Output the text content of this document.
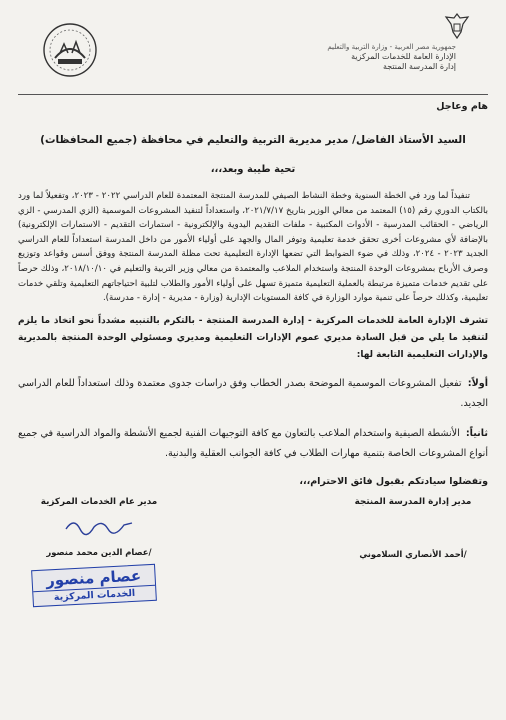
جمهورية مصر العربية - وزارة التربية والتعليم
الإدارة العامة للخدمات المركزية
إدارة المدرسة المنتجة
هام وعاجل
السيد الأستاذ الفاضل/ مدير مديرية التربية والتعليم في محافظة (جميع المحافظات)
تحية طيبة وبعد،،،
تنفيذاً لما ورد في الخطة السنوية وخطة النشاط الصيفي للمدرسة المنتجة المعتمدة للعام الدراسي ٢٠٢٢ - ٢٠٢٣، وتفعيلاً لما ورد بالكتاب الدوري رقم (١٥) المعتمد من معالي الوزير بتاريخ ٢٠٢١/٧/١٧، واستعداداً لتنفيذ المشروعات الموسمية (الزي المدرسي - الزي الرياضي - الحقائب المدرسية - الأدوات المكتبية - ملفات التقديم اليدوية والإلكترونية - استمارات التقديم - الاستمارات الإلكترونية) بالإضافة لأي مشروعات أخرى تحقق خدمة تعليمية وتوفر المال والجهد على أولياء الأمور من داخل المدرسة استعداداً للعام الدراسي الجديد ٢٠٢٣ - ٢٠٢٤، وذلك في ضوء الضوابط التي تضعها الإدارة التعليمية تحت مظلة المدرسة المنتجة ووفق أسس وقواعد وتوزيع وصرف الأرباح بمشروعات الوحدة المنتجة واستخدام الملاعب والمعتمدة من معالي وزير التربية والتعليم في ٢٠١٨/١٠/١٠، وذلك حرصاً على تقديم خدمات متميزة مرتبطة بالعملية التعليمية متميزة تسهل على أولياء الأمور والطلاب لتلبية احتياجاتهم التعليمية وتلقي خدمات تعليمية، وكذلك حرصاً على تنمية موارد الوزارة في كافة المستويات الإدارية (وزارة - مديرية - إدارة - مدرسة).
تشرف الإدارة العامة للخدمات المركزية - إدارة المدرسة المنتجة - بالتكرم بالتنبيه مشدداً نحو اتخاذ ما يلزم لتنفيذ ما يلي من قبل السادة مديري عموم الإدارات التعليمية ومديري ومسئولي الوحدة المنتجة بالمديرية والإدارات التعليمية التابعة لها:
أولاً: تفعيل المشروعات الموسمية الموضحة بصدر الخطاب وفق دراسات جدوى معتمدة وذلك استعداداً للعام الدراسي الجديد.
ثانياً: الأنشطة الصيفية واستخدام الملاعب بالتعاون مع كافة التوجيهات الفنية لجميع الأنشطة والمواد الدراسية في جميع أنواع المشروعات الخاصة بتنمية مهارات الطلاب في كافة الجوانب العقلية والبدنية.
وتفضلوا سيادتكم بقبول فائق الاحترام،،،
مدير إدارة المدرسة المنتجة
/أحمد الأنصاري السلاموني
مدير عام الخدمات المركزية
/عصام الدين محمد منصور
عصام منصور
الخدمات المركزية
